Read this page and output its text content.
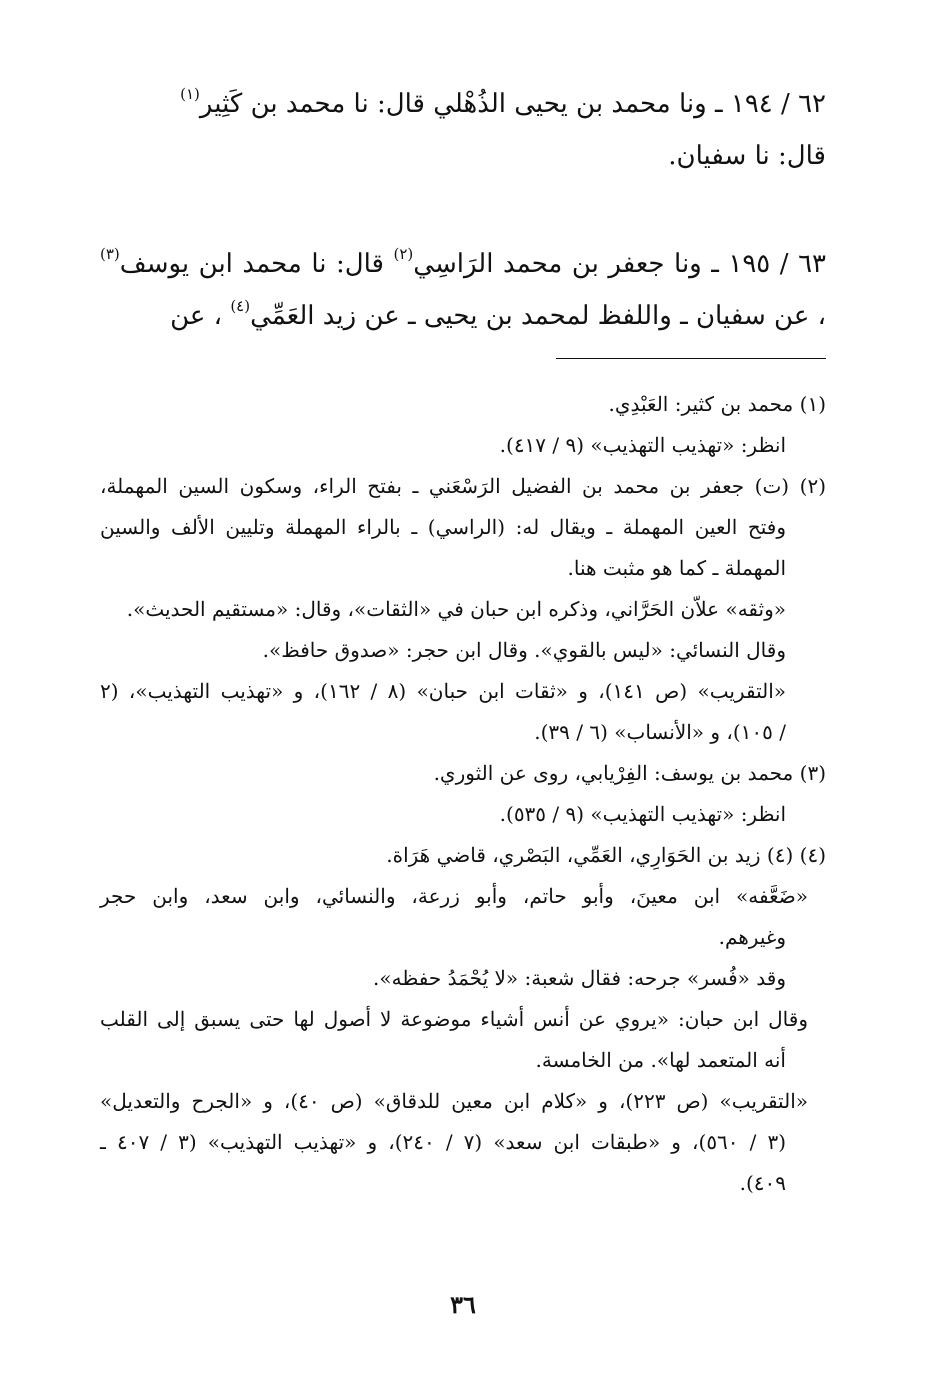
٦٢ / ١٩٤ ـ ونا محمد بن يحيى الذُهْلي قال: نا محمد بن كَثِير$^{(١)}$
قال: نا سفيان.

٦٣ / ١٩٥ ـ ونا جعفر بن محمد الرَاسِي$^{(٢)}$ قال: نا محمد ابن يوسف$^{(٣)}$ ، عن سفيان ـ واللفظ لمحمد بن يحيى ـ عن زيد العَمِّي$^{(٤)}$ ، عن

(١) محمد بن كثير: العَبْدِي.

انظر: «تهذيب التهذيب» (٩ / ٤١٧).

(٢) (ت) جعفر بن محمد بن الفضيل الرَسْعَني ـ بفتح الراء، وسكون السين المهملة،

وفتح العين المهملة ـ ويقال له: (الراسي) ـ بالراء المهملة وتليين الألف والسين

المهملة ـ كما هو مثبت هنا.

«وثقه» علاّن الحَرَّاني، وذكره ابن حبان في «الثقات»، وقال: «مستقيم الحديث».

وقال النسائي: «ليس بالقوي». وقال ابن حجر: «صدوق حافظ».

«التقريب» (ص ١٤١)، و «ثقات ابن حبان» (٨ / ١٦٢)، و «تهذيب التهذيب»، (٢

/ ١٠٥)، و «الأنساب» (٦ / ٣٩).

(٣) محمد بن يوسف: الفِرْيابي، روى عن الثوري.

انظر: «تهذيب التهذيب» (٩ / ٥٣٥).

(٤) (٤) زيد بن الحَوَارِي، العَمِّي، البَصْري، قاضي هَرَاة.

«ضَعَّفه» ابن معينَ، وأبو حاتم، وأبو زرعة، والنسائي، وابن سعد، وابن حجر

وغيرهم.

وقد «فُسر» جرحه: فقال شعبة: «لا يُحْمَدُ حفظه».

وقال ابن حبان: «يروي عن أنس أشياء موضوعة لا أصول لها حتى يسبق إلى القلب

أنه المتعمد لها». من الخامسة.

«التقريب» (ص ٢٢٣)، و «كلام ابن معين للدقاق» (ص ٤٠)، و «الجرح والتعديل»

(٣ / ٥٦٠)، و «طبقات ابن سعد» (٧ / ٢٤٠)، و «تهذيب التهذيب» (٣ / ٤٠٧ ـ

٤٠٩).

٣٦
